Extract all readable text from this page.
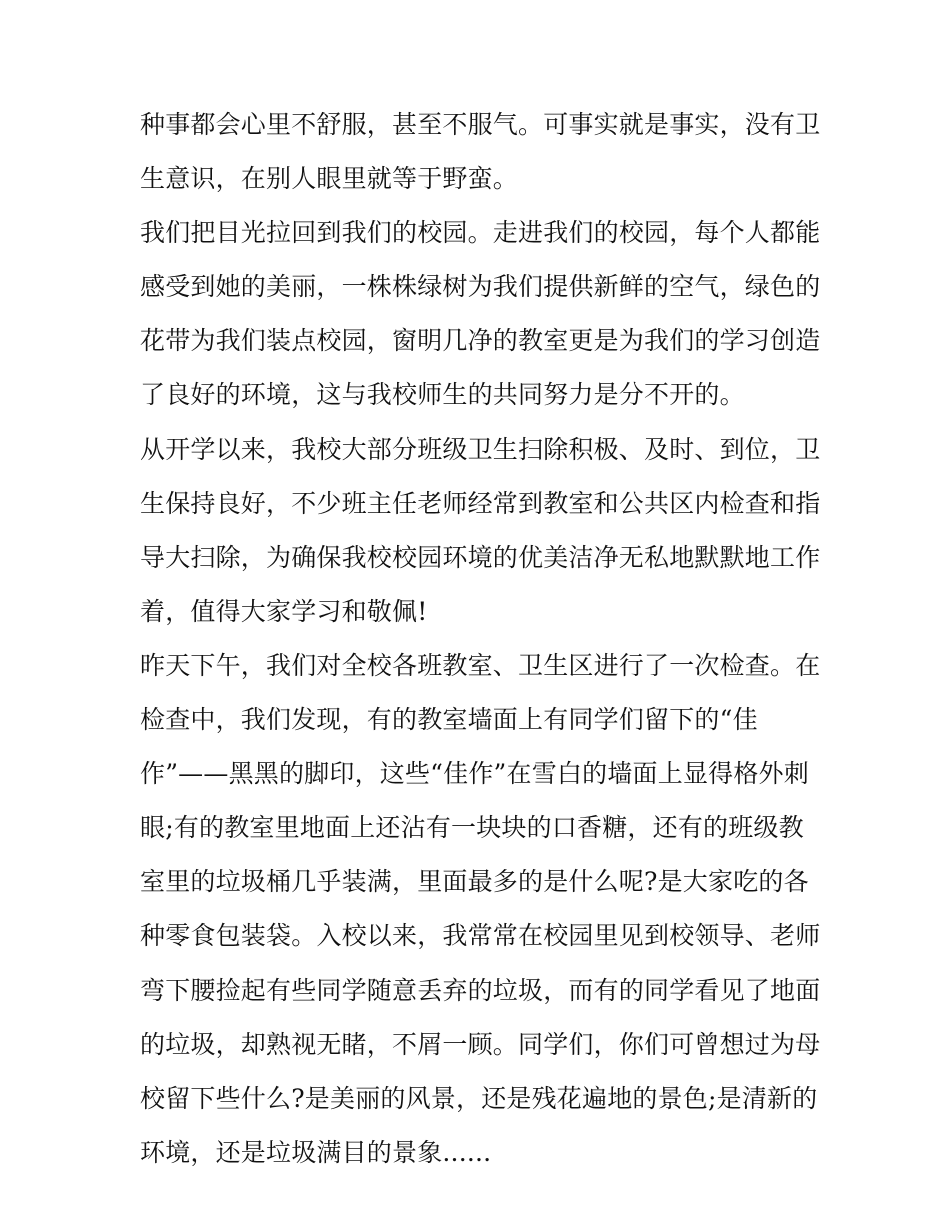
种事都会心里不舒服，甚至不服气。可事实就是事实，没有卫
生意识，在别人眼里就等于野蛮。
我们把目光拉回到我们的校园。走进我们的校园，每个人都能
感受到她的美丽，一株株绿树为我们提供新鲜的空气，绿色的
花带为我们装点校园，窗明几净的教室更是为我们的学习创造
了良好的环境，这与我校师生的共同努力是分不开的。
从开学以来，我校大部分班级卫生扫除积极、及时、到位，卫
生保持良好，不少班主任老师经常到教室和公共区内检查和指
导大扫除，为确保我校校园环境的优美洁净无私地默默地工作
着，值得大家学习和敬佩!
昨天下午，我们对全校各班教室、卫生区进行了一次检查。在
检查中，我们发现，有的教室墙面上有同学们留下的“佳
作”——黑黑的脚印，这些“佳作”在雪白的墙面上显得格外刺
眼;有的教室里地面上还沾有一块块的口香糖，还有的班级教
室里的垃圾桶几乎装满，里面最多的是什么呢?是大家吃的各
种零食包装袋。入校以来，我常常在校园里见到校领导、老师
弯下腰捡起有些同学随意丢弃的垃圾，而有的同学看见了地面
的垃圾，却熟视无睹，不屑一顾。同学们，你们可曾想过为母
校留下些什么?是美丽的风景，还是残花遍地的景色;是清新的
环境，还是垃圾满目的景象......
